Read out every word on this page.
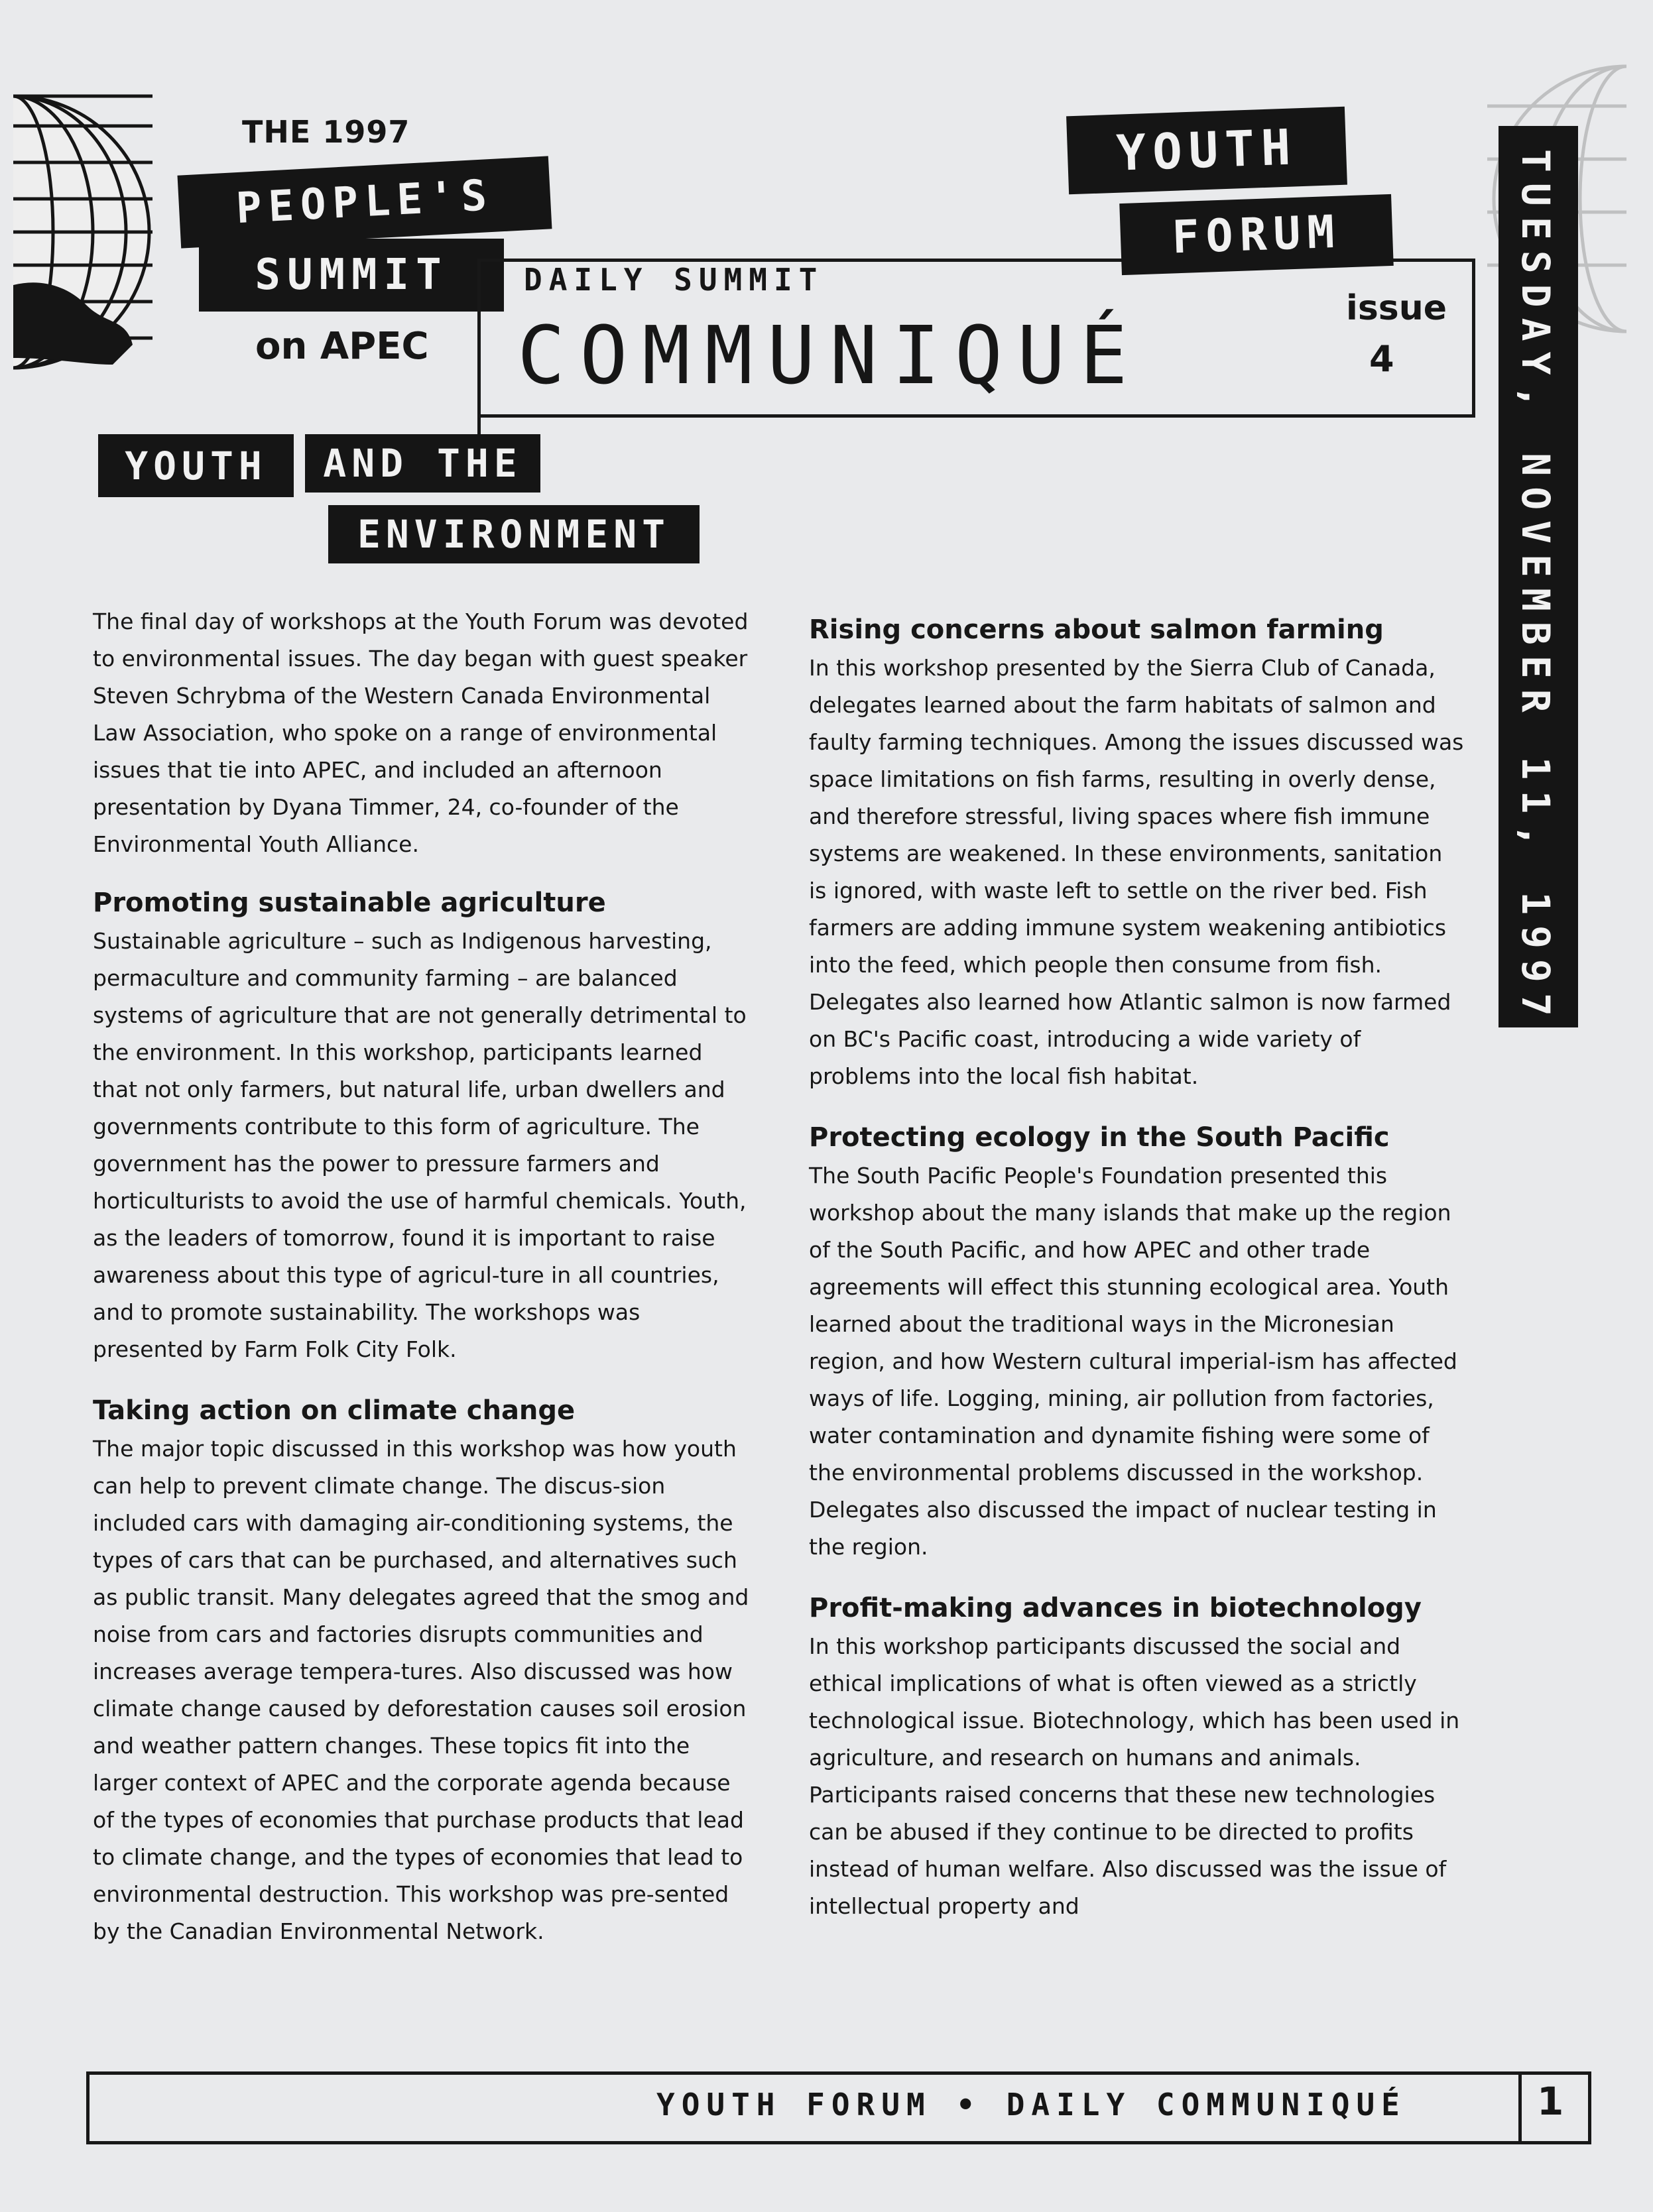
THE 1997
PEOPLE'S
SUMMIT
on APEC
DAILY SUMMIT
COMMUNIQUÉ
issue
4
YOUTH
FORUM	TUESDAY, NOVEMBER 11, 1997
YOUTH	AND THE
ENVIRONMENT

The final day of workshops at the Youth Forum was devoted to environmental issues. The day began with guest speaker Steven Schrybma of the Western Canada Environmental Law Association, who spoke on a range of environmental issues that tie into APEC, and included an afternoon presentation by Dyana Timmer, 24, co-founder of the Environmental Youth Alliance.

Promoting sustainable agriculture

Sustainable agriculture – such as Indigenous harvesting, permaculture and community farming – are balanced systems of agriculture that are not generally detrimental to the environment. In this workshop, participants learned that not only farmers, but natural life, urban dwellers and governments contribute to this form of agriculture. The government has the power to pressure farmers and horticulturists to avoid the use of harmful chemicals. Youth, as the leaders of tomorrow, found it is important to raise awareness about this type of agricul-ture in all countries, and to promote sustainability. The workshops was presented by Farm Folk City Folk.

Taking action on climate change

The major topic discussed in this workshop was how youth can help to prevent climate change. The discus-sion included cars with damaging air-conditioning systems, the types of cars that can be purchased, and alternatives such as public transit. Many delegates agreed that the smog and noise from cars and factories disrupts communities and increases average tempera-tures. Also discussed was how climate change caused by deforestation causes soil erosion and weather pattern changes. These topics fit into the larger context of APEC and the corporate agenda because of the types of economies that purchase products that lead to climate change, and the types of economies that lead to environmental destruction. This workshop was pre-sented by the Canadian Environmental Network.

Rising concerns about salmon farming

In this workshop presented by the Sierra Club of Canada, delegates learned about the farm habitats of salmon and faulty farming techniques. Among the issues discussed was space limitations on fish farms, resulting in overly dense, and therefore stressful, living spaces where fish immune systems are weakened. In these environments, sanitation is ignored, with waste left to settle on the river bed. Fish farmers are adding immune system weakening antibiotics into the feed, which people then consume from fish. Delegates also learned how Atlantic salmon is now farmed on BC's Pacific coast, introducing a wide variety of problems into the local fish habitat.

Protecting ecology in the South Pacific

The South Pacific People's Foundation presented this workshop about the many islands that make up the region of the South Pacific, and how APEC and other trade agreements will effect this stunning ecological area. Youth learned about the traditional ways in the Micronesian region, and how Western cultural imperial-ism has affected ways of life. Logging, mining, air pollution from factories, water contamination and dynamite fishing were some of the environmental problems discussed in the workshop. Delegates also discussed the impact of nuclear testing in the region.

Profit-making advances in biotechnology

In this workshop participants discussed the social and ethical implications of what is often viewed as a strictly technological issue. Biotechnology, which has been used in agriculture, and research on humans and animals. Participants raised concerns that these new technologies can be abused if they continue to be directed to profits instead of human welfare. Also discussed was the issue of intellectual property and

YOUTH FORUM • DAILY COMMUNIQUÉ	1
